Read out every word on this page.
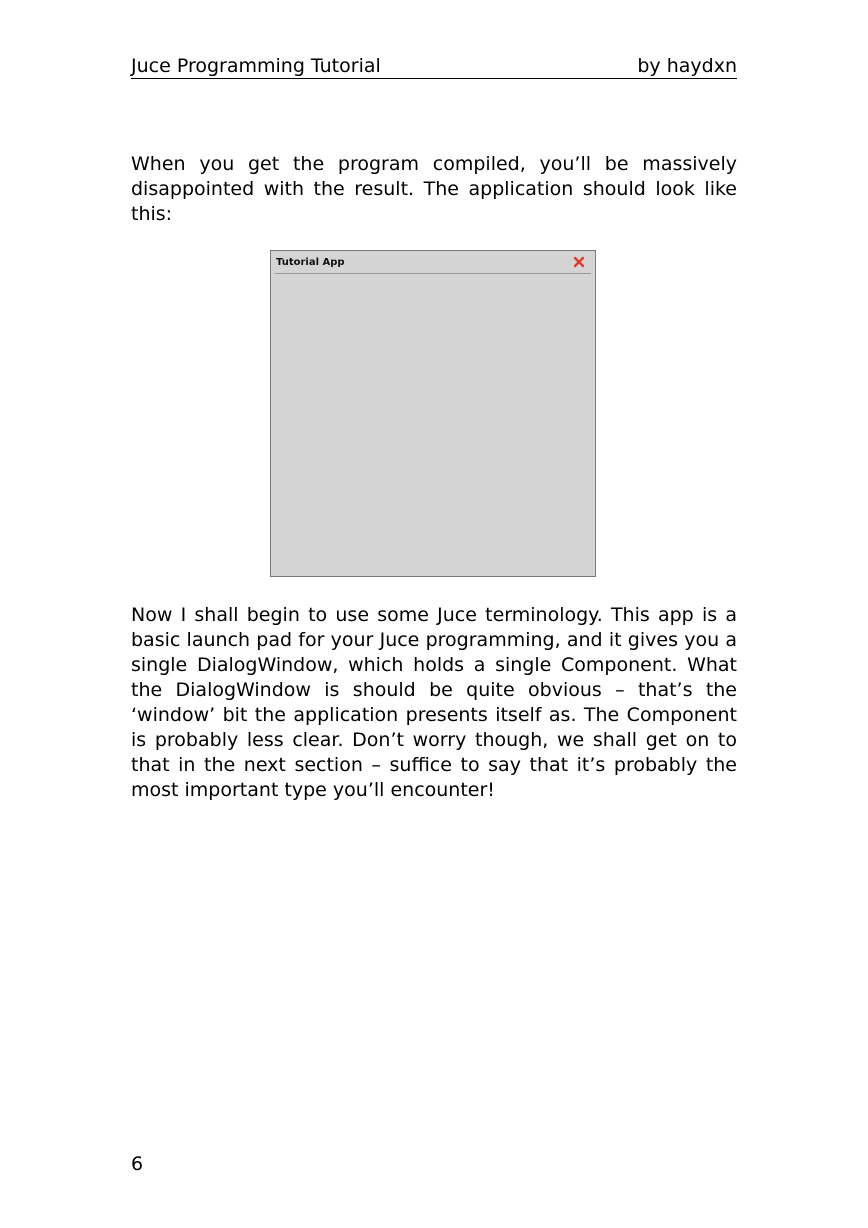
Juce Programming Tutorial	by haydxn

When you get the program compiled, you’ll be massively disappointed with the result. The application should look like this:

Tutorial App

Now I shall begin to use some Juce terminology. This app is a basic launch pad for your Juce programming, and it gives you a single DialogWindow, which holds a single Component. What the DialogWindow is should be quite obvious – that’s the ‘window’ bit the application presents itself as. The Component is probably less clear. Don’t worry though, we shall get on to that in the next section – suffice to say that it’s probably the most important type you’ll encounter!

6
